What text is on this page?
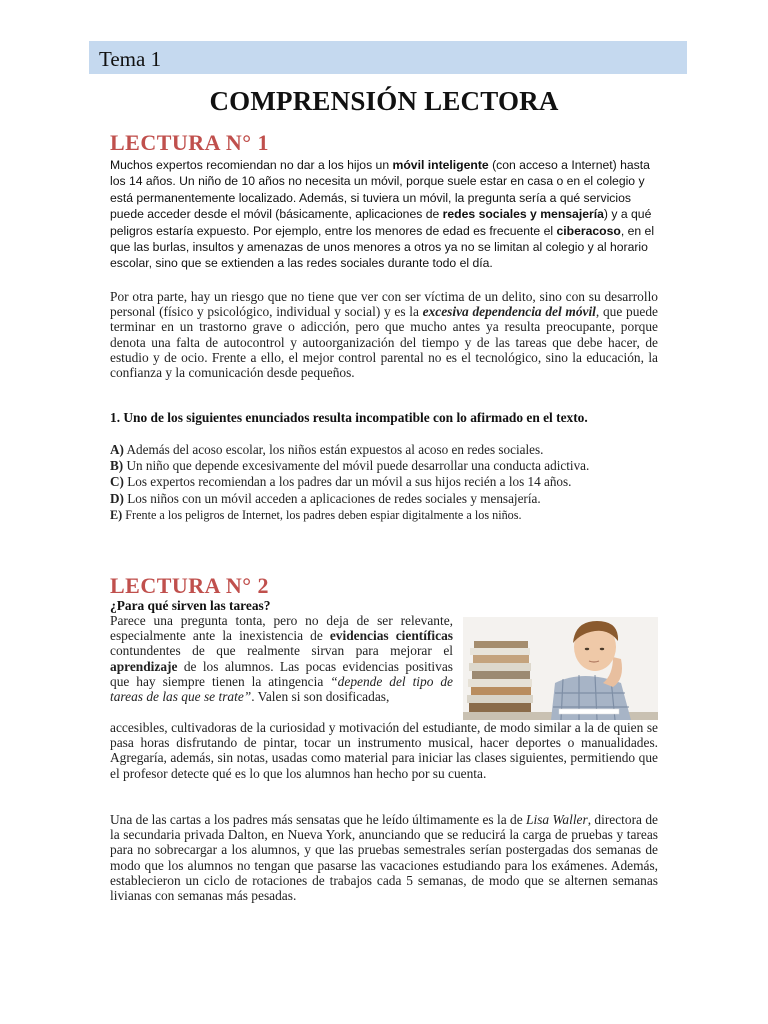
Tema 1
COMPRENSIÓN LECTORA
LECTURA N° 1

Muchos expertos recomiendan no dar a los hijos un móvil inteligente (con acceso a Internet) hasta los 14 años. Un niño de 10 años no necesita un móvil, porque suele estar en casa o en el colegio y está permanentemente localizado. Además, si tuviera un móvil, la pregunta sería a qué servicios puede acceder desde el móvil (básicamente, aplicaciones de redes sociales y mensajería) y a qué peligros estaría expuesto. Por ejemplo, entre los menores de edad es frecuente el ciberacoso, en el que las burlas, insultos y amenazas de unos menores a otros ya no se limitan al colegio y al horario escolar, sino que se extienden a las redes sociales durante todo el día.

Por otra parte, hay un riesgo que no tiene que ver con ser víctima de un delito, sino con su desarrollo personal (físico y psicológico, individual y social) y es la excesiva dependencia del móvil, que puede terminar en un trastorno grave o adicción, pero que mucho antes ya resulta preocupante, porque denota una falta de autocontrol y autoorganización del tiempo y de las tareas que debe hacer, de estudio y de ocio. Frente a ello, el mejor control parental no es el tecnológico, sino la educación, la confianza y la comunicación desde pequeños.

1. Uno de los siguientes enunciados resulta incompatible con lo afirmado en el texto.

A) Además del acoso escolar, los niños están expuestos al acoso en redes sociales.
B) Un niño que depende excesivamente del móvil puede desarrollar una conducta adictiva.
C) Los expertos recomiendan a los padres dar un móvil a sus hijos recién a los 14 años.
D) Los niños con un móvil acceden a aplicaciones de redes sociales y mensajería.
E) Frente a los peligros de Internet, los padres deben espiar digitalmente a los niños.
LECTURA N° 2

¿Para qué sirven las tareas?

Parece una pregunta tonta, pero no deja de ser relevante, especialmente ante la inexistencia de evidencias científicas contundentes de que realmente sirvan para mejorar el aprendizaje de los alumnos. Las pocas evidencias positivas que hay siempre tienen la atingencia “depende del tipo de tareas de las que se trate”. Valen si son dosificadas,

accesibles, cultivadoras de la curiosidad y motivación del estudiante, de modo similar a la de quien se pasa horas disfrutando de pintar, tocar un instrumento musical, hacer deportes o manualidades. Agregaría, además, sin notas, usadas como material para iniciar las clases siguientes, permitiendo que el profesor detecte qué es lo que los alumnos han hecho por su cuenta.

Una de las cartas a los padres más sensatas que he leído últimamente es la de Lisa Waller, directora de la secundaria privada Dalton, en Nueva York, anunciando que se reducirá la carga de pruebas y tareas para no sobrecargar a los alumnos, y que las pruebas semestrales serían postergadas dos semanas de modo que los alumnos no tengan que pasarse las vacaciones estudiando para los exámenes. Además, establecieron un ciclo de rotaciones de trabajos cada 5 semanas, de modo que se alternen semanas livianas con semanas más pesadas.
